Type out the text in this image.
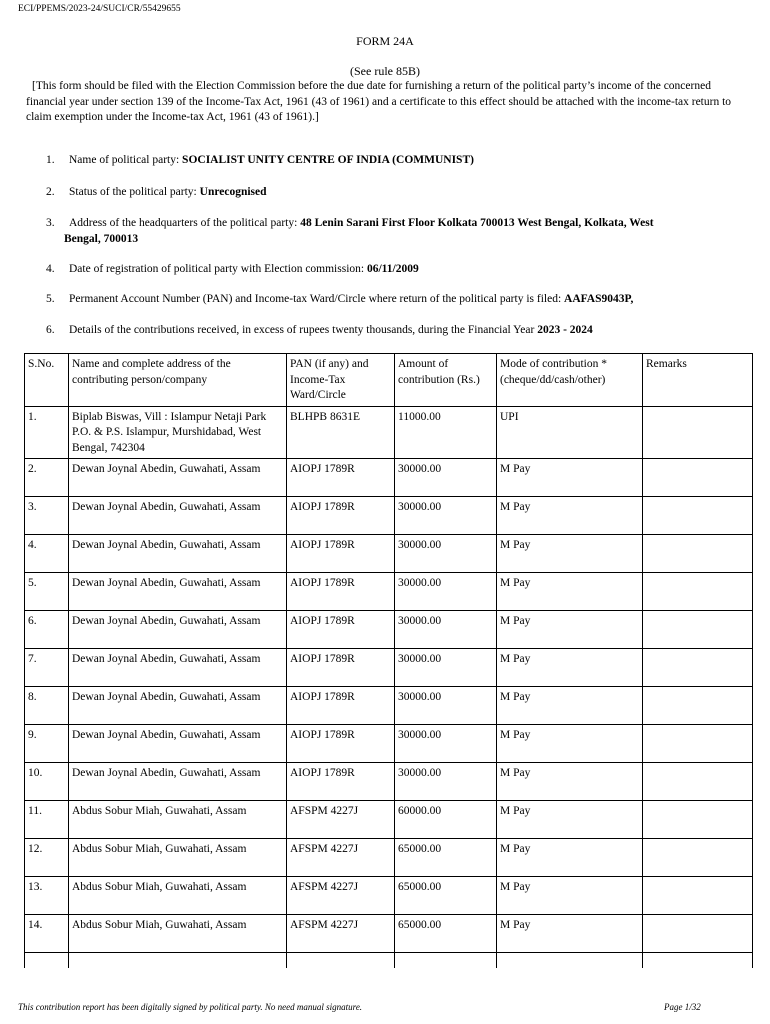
ECI/PPEMS/2023-24/SUCI/CR/55429655
FORM 24A
(See rule 85B)
[This form should be filed with the Election Commission before the due date for furnishing a return of the political party’s income of the concerned financial year under section 139 of the Income-Tax Act, 1961 (43 of 1961) and a certificate to this effect should be attached with the income-tax return to claim exemption under the Income-tax Act, 1961 (43 of 1961).]
1. Name of political party: SOCIALIST UNITY CENTRE OF INDIA (COMMUNIST)
2. Status of the political party: Unrecognised
3. Address of the headquarters of the political party: 48 Lenin Sarani First Floor Kolkata 700013 West Bengal, Kolkata, West
Bengal, 700013
4. Date of registration of political party with Election commission: 06/11/2009
5. Permanent Account Number (PAN) and Income-tax Ward/Circle where return of the political party is filed: AAFAS9043P,
6. Details of the contributions received, in excess of rupees twenty thousands, during the Financial Year 2023 - 2024
S.No.	Name and complete address of the contributing person/company	PAN (if any) and Income-Tax Ward/Circle	Amount of contribution (Rs.)	Mode of contribution *(cheque/dd/cash/other)	Remarks
1.	Biplab Biswas, Vill : Islampur Netaji Park P.O. & P.S. Islampur, Murshidabad, West Bengal, 742304	BLHPB 8631E	11000.00	UPI	
2.	Dewan Joynal Abedin, Guwahati, Assam	AIOPJ 1789R	30000.00	M Pay	
3.	Dewan Joynal Abedin, Guwahati, Assam	AIOPJ 1789R	30000.00	M Pay	
4.	Dewan Joynal Abedin, Guwahati, Assam	AIOPJ 1789R	30000.00	M Pay	
5.	Dewan Joynal Abedin, Guwahati, Assam	AIOPJ 1789R	30000.00	M Pay	
6.	Dewan Joynal Abedin, Guwahati, Assam	AIOPJ 1789R	30000.00	M Pay	
7.	Dewan Joynal Abedin, Guwahati, Assam	AIOPJ 1789R	30000.00	M Pay	
8.	Dewan Joynal Abedin, Guwahati, Assam	AIOPJ 1789R	30000.00	M Pay	
9.	Dewan Joynal Abedin, Guwahati, Assam	AIOPJ 1789R	30000.00	M Pay	
10.	Dewan Joynal Abedin, Guwahati, Assam	AIOPJ 1789R	30000.00	M Pay	
11.	Abdus Sobur Miah, Guwahati, Assam	AFSPM 4227J	60000.00	M Pay	
12.	Abdus Sobur Miah, Guwahati, Assam	AFSPM 4227J	65000.00	M Pay	
13.	Abdus Sobur Miah, Guwahati, Assam	AFSPM 4227J	65000.00	M Pay	
14.	Abdus Sobur Miah, Guwahati, Assam	AFSPM 4227J	65000.00	M Pay	

This contribution report has been digitally signed by political party. No need manual signature.	Page 1/32
